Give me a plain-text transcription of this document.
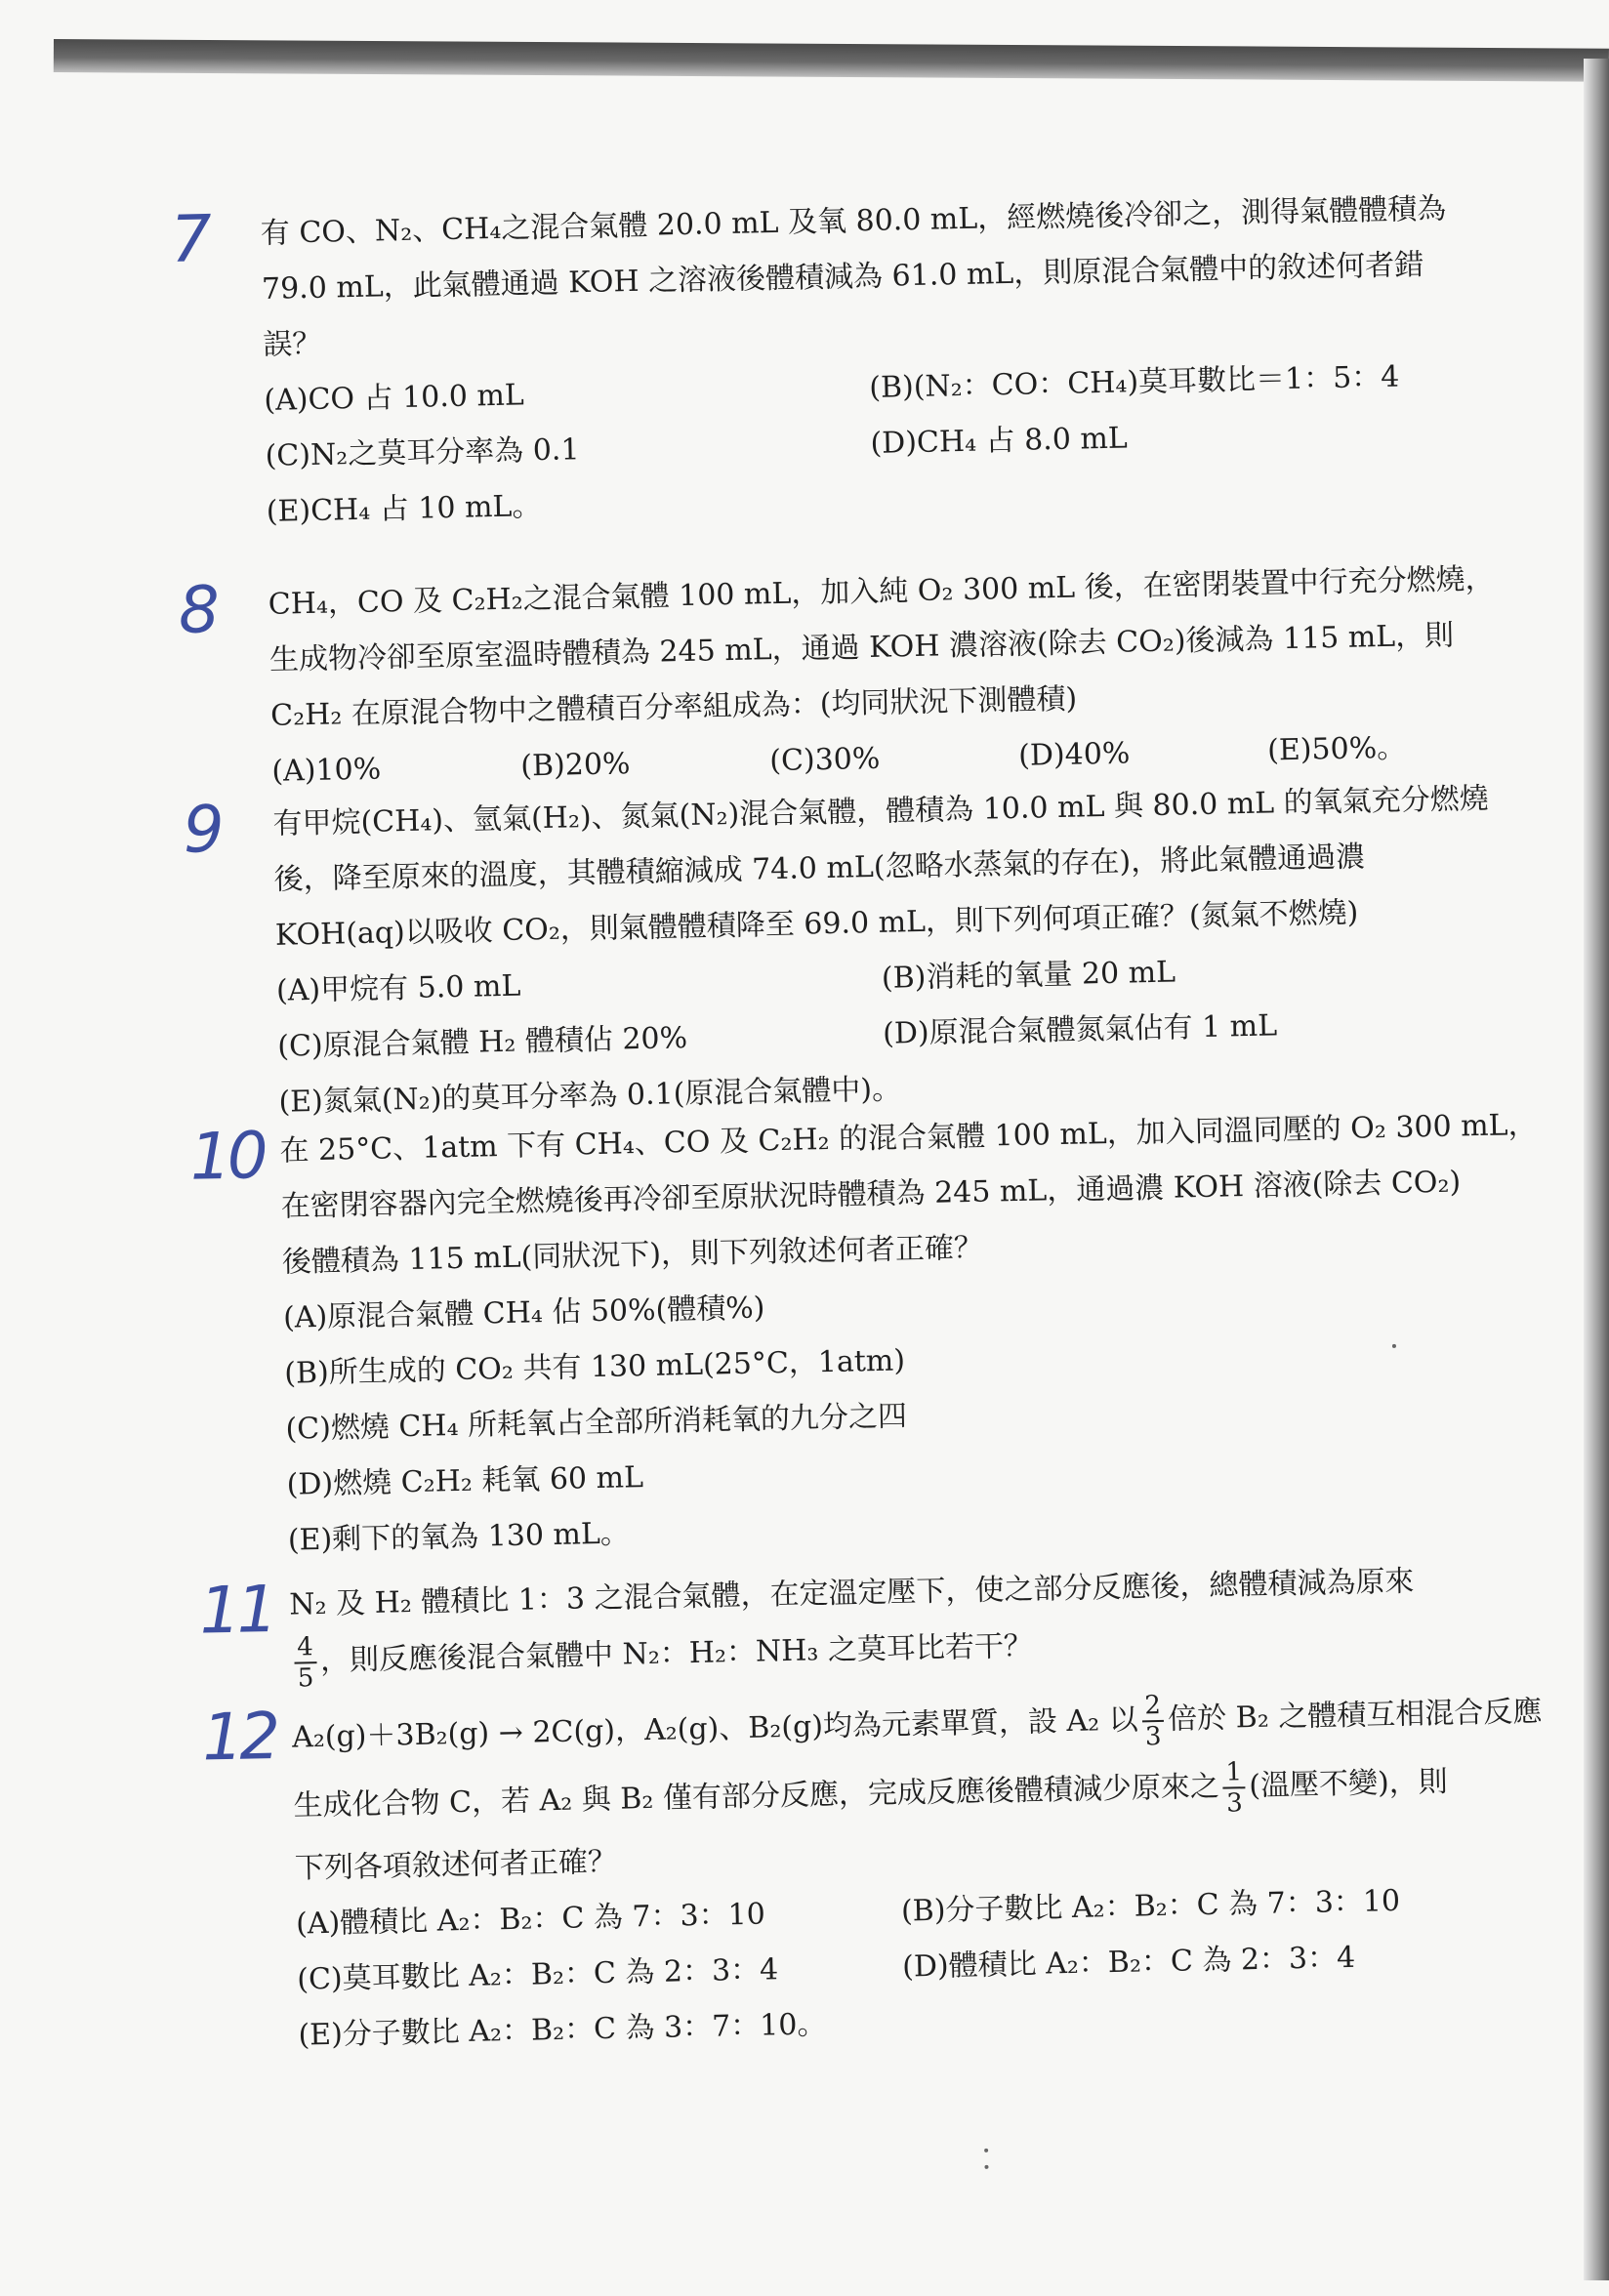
7 有 CO、N₂、CH₄之混合氣體 20.0 mL 及氧 80.0 mL，經燃燒後冷卻之，測得氣體體積為
79.0 mL，此氣體通過 KOH 之溶液後體積減為 61.0 mL，則原混合氣體中的敘述何者錯
誤？
(A)CO 占 10.0 mL	(B)(N₂：CO：CH₄)莫耳數比＝1：5：4
(C)N₂之莫耳分率為 0.1	(D)CH₄ 占 8.0 mL
(E)CH₄ 占 10 mL。
8 CH₄，CO 及 C₂H₂之混合氣體 100 mL，加入純 O₂ 300 mL 後，在密閉裝置中行充分燃燒，
生成物冷卻至原室溫時體積為 245 mL，通過 KOH 濃溶液(除去 CO₂)後減為 115 mL，則
C₂H₂ 在原混合物中之體積百分率組成為：(均同狀況下測體積)
(A)10%	(B)20%	(C)30%	(D)40%	(E)50%。
9 有甲烷(CH₄)、氫氣(H₂)、氮氣(N₂)混合氣體，體積為 10.0 mL 與 80.0 mL 的氧氣充分燃燒
後，降至原來的溫度，其體積縮減成 74.0 mL(忽略水蒸氣的存在)，將此氣體通過濃
KOH(aq)以吸收 CO₂，則氣體體積降至 69.0 mL，則下列何項正確？(氮氣不燃燒)
(A)甲烷有 5.0 mL	(B)消耗的氧量 20 mL
(C)原混合氣體 H₂ 體積佔 20%	(D)原混合氣體氮氣佔有 1 mL
(E)氮氣(N₂)的莫耳分率為 0.1(原混合氣體中)。
10 在 25°C、1atm 下有 CH₄、CO 及 C₂H₂ 的混合氣體 100 mL，加入同溫同壓的 O₂ 300 mL，
在密閉容器內完全燃燒後再冷卻至原狀況時體積為 245 mL，通過濃 KOH 溶液(除去 CO₂)
後體積為 115 mL(同狀況下)，則下列敘述何者正確？
(A)原混合氣體 CH₄ 佔 50%(體積%)
(B)所生成的 CO₂ 共有 130 mL(25°C，1atm)
(C)燃燒 CH₄ 所耗氧占全部所消耗氧的九分之四
(D)燃燒 C₂H₂ 耗氧 60 mL
(E)剩下的氧為 130 mL。
11 N₂ 及 H₂ 體積比 1：3 之混合氣體，在定溫定壓下，使之部分反應後，總體積減為原來
$\frac{4}{5}$ ，則反應後混合氣體中 N₂：H₂：NH₃ 之莫耳比若干？
12 A₂(g)＋3B₂(g) → 2C(g)，A₂(g)、B₂(g)均為元素單質，設 A₂ 以 $\frac{2}{3}$ 倍於 B₂ 之體積互相混合反應
生成化合物 C，若 A₂ 與 B₂ 僅有部分反應，完成反應後體積減少原來之 $\frac{1}{3}$ (溫壓不變)，則
下列各項敘述何者正確？
(A)體積比 A₂：B₂：C 為 7：3：10	(B)分子數比 A₂：B₂：C 為 7：3：10
(C)莫耳數比 A₂：B₂：C 為 2：3：4	(D)體積比 A₂：B₂：C 為 2：3：4
(E)分子數比 A₂：B₂：C 為 3：7：10。
